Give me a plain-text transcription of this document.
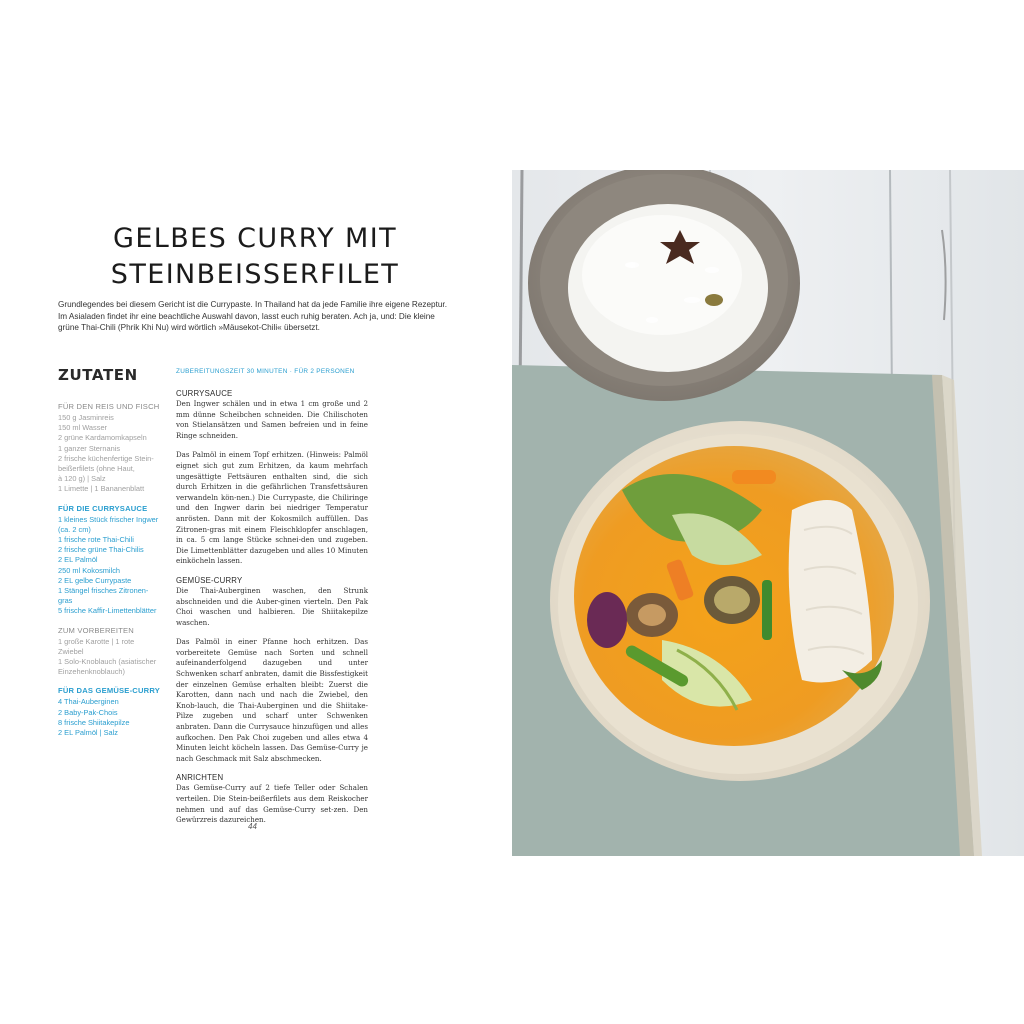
GELBES CURRY MIT
STEINBEISSERFILET

Grundlegendes bei diesem Gericht ist die Currypaste. In Thailand hat da jede Familie ihre eigene Rezeptur. Im Asialaden findet ihr eine beachtliche Auswahl davon, lasst euch ruhig beraten. Ach ja, und: Die kleine grüne Thai-Chili (Phrik Khi Nu) wird wörtlich »Mäusekot-Chili« übersetzt.

ZUTATEN
FÜR DEN REIS UND FISCH
150 g Jasminreis
150 ml Wasser
2 grüne Kardamomkapseln
1 ganzer Sternanis
2 frische küchenfertige Stein-
beißerfilets (ohne Haut,
à 120 g) | Salz
1 Limette | 1 Bananenblatt
FÜR DIE CURRYSAUCE
1 kleines Stück frischer Ingwer
(ca. 2 cm)
1 frische rote Thai-Chili
2 frische grüne Thai-Chilis
2 EL Palmöl
250 ml Kokosmilch
2 EL gelbe Currypaste
1 Stängel frisches Zitronen-
gras
5 frische Kaffir-Limettenblätter
ZUM VORBEREITEN
1 große Karotte | 1 rote
Zwiebel
1 Solo-Knoblauch (asiatischer
Einzehenknoblauch)
FÜR DAS GEMÜSE-CURRY
4 Thai-Auberginen
2 Baby-Pak-Chois
8 frische Shiitakepilze
2 EL Palmöl | Salz
ZUBEREITUNGSZEIT 30 MINUTEN · FÜR 2 PERSONEN
CURRYSAUCE

Den Ingwer schälen und in etwa 1 cm große und 2 mm dünne Scheibchen schneiden. Die Chilischoten von Stielansätzen und Samen befreien und in feine Ringe schneiden.

Das Palmöl in einem Topf erhitzen. (Hinweis: Palmöl eignet sich gut zum Erhitzen, da kaum mehrfach ungesättigte Fettsäuren enthalten sind, die sich durch Erhitzen in die gefährlichen Transfettsäuren verwandeln kön-nen.) Die Currypaste, die Chiliringe und den Ingwer darin bei niedriger Temperatur anrösten. Dann mit der Kokosmilch auffüllen. Das Zitronen-gras mit einem Fleischklopfer anschlagen, in ca. 5 cm lange Stücke schnei-den und zugeben. Die Limettenblätter dazugeben und alles 10 Minuten einköcheln lassen.

GEMÜSE-CURRY

Die Thai-Auberginen waschen, den Strunk abschneiden und die Auber-ginen vierteln. Den Pak Choi waschen und halbieren. Die Shiitakepilze waschen.

Das Palmöl in einer Pfanne hoch erhitzen. Das vorbereitete Gemüse nach Sorten und schnell aufeinanderfolgend dazugeben und unter Schwenken scharf anbraten, damit die Bissfestigkeit der einzelnen Gemüse erhalten bleibt: Zuerst die Karotten, dann nach und nach die Zwiebel, den Knob-lauch, die Thai-Auberginen und die Shiitake-Pilze zugeben und scharf unter Schwenken anbraten. Dann die Currysauce hinzufügen und alles aufkochen. Den Pak Choi zugeben und alles etwa 4 Minuten leicht köcheln lassen. Das Gemüse-Curry je nach Geschmack mit Salz abschmecken.

ANRICHTEN

Das Gemüse-Curry auf 2 tiefe Teller oder Schalen verteilen. Die Stein-beißerfilets aus dem Reiskocher nehmen und auf das Gemüse-Curry set-zen. Den Gewürzreis dazureichen.

44
